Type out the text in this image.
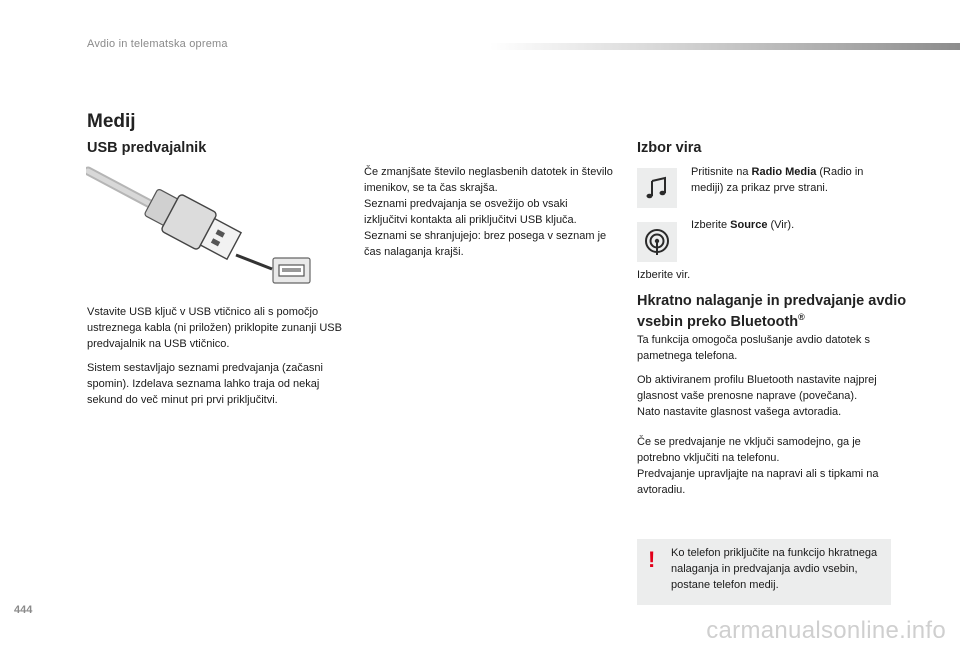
Avdio in telematska oprema
Medij
USB predvajalnik

Vstavite USB ključ v USB vtičnico ali s pomočjo ustreznega kabla (ni priložen) priklopite zunanji USB predvajalnik na USB vtičnico.

Sistem sestavljajo seznami predvajanja (začasni spomin). Izdelava seznama lahko traja od nekaj sekund do več minut pri prvi priključitvi.

Če zmanjšate število neglasbenih datotek in število imenikov, se ta čas skrajša.
Seznami predvajanja se osvežijo ob vsaki izključitvi kontakta ali priključitvi USB ključa.
Seznami se shranjujejo: brez posega v seznam je čas nalaganja krajši.

Izbor vira
Pritisnite na Radio Media (Radio in mediji) za prikaz prve strani.
Izberite Source (Vir).
Izberite vir.
Hkratno nalaganje in predvajanje avdio vsebin preko Bluetooth®

Ta funkcija omogoča poslušanje avdio datotek s pametnega telefona.

Ob aktiviranem profilu Bluetooth nastavite najprej glasnost vaše prenosne naprave (povečana).
Nato nastavite glasnost vašega avtoradia.

Če se predvajanje ne vključi samodejno, ga je potrebno vključiti na telefonu.
Predvajanje upravljajte na napravi ali s tipkami na avtoradiu.

! Ko telefon priključite na funkcijo hkratnega nalaganja in predvajanja avdio vsebin, postane telefon medij.

444
carmanualsonline.info
